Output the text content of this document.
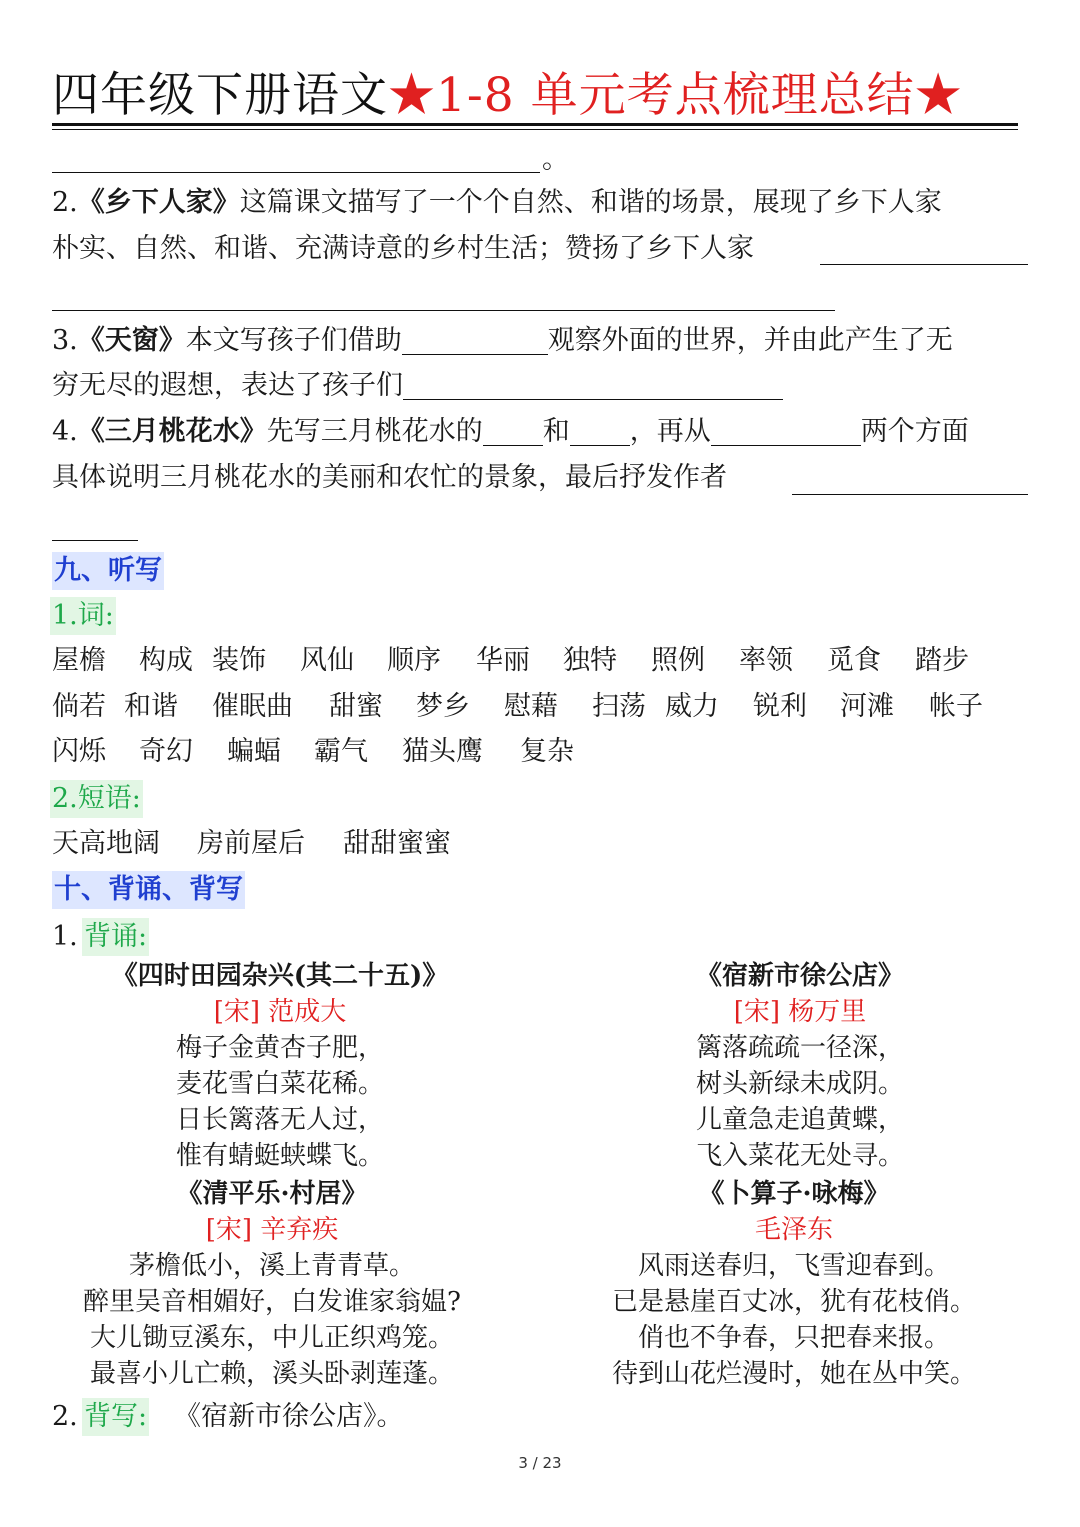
四年级下册语文★1-8 单元考点梳理总结★
。
2.《乡下人家》这篇课文描写了一个个自然、和谐的场景，展现了乡下人家
朴实、自然、和谐、充满诗意的乡村生活；赞扬了乡下人家
3.《天窗》本文写孩子们借助	观察外面的世界，并由此产生了无
穷无尽的遐想，表达了孩子们
4.《三月桃花水》先写三月桃花水的 和 ，再从	两个方面
具体说明三月桃花水的美丽和农忙的景象，最后抒发作者
九、听写
1.词:
屋檐 构成 装饰 风仙 顺序 华丽 独特 照例 率领 觅食 踏步
倘若 和谐 催眠曲 甜蜜 梦乡 慰藉 扫荡 威力 锐利 河滩 帐子
闪烁 奇幻 蝙蝠 霸气 猫头鹰 复杂
2.短语:
天高地阔 房前屋后 甜甜蜜蜜
十、背诵、背写
1. 背诵:
《四时田园杂兴(其二十五)》
[宋] 范成大
梅子金黄杏子肥，
麦花雪白菜花稀。
日长篱落无人过，
惟有蜻蜓蛱蝶飞。
《宿新市徐公店》
[宋] 杨万里
篱落疏疏一径深，
树头新绿未成阴。
儿童急走追黄蝶，
飞入菜花无处寻。
《清平乐·村居》
[宋] 辛弃疾
茅檐低小，溪上青青草。
醉里吴音相媚好，白发谁家翁媪?
大儿锄豆溪东，中儿正织鸡笼。
最喜小儿亡赖，溪头卧剥莲蓬。
《卜算子·咏梅》
毛泽东
风雨送春归，飞雪迎春到。
已是悬崖百丈冰，犹有花枝俏。
俏也不争春，只把春来报。
待到山花烂漫时，她在丛中笑。
2. 背写: 《宿新市徐公店》。
3 / 23
